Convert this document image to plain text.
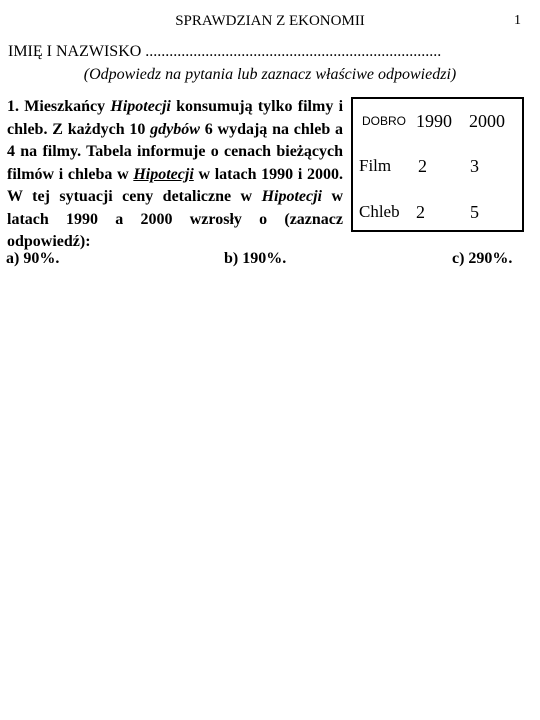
SPRAWDZIAN Z EKONOMII	1
IMIĘ I NAZWISKO ..........................................................................
(Odpowiedz na pytania lub zaznacz właściwe odpowiedzi)
1. Mieszkańcy Hipotecji konsumują tylko filmy i chleb. Z każdych 10 gdybów 6 wydają na chleb a 4 na filmy. Tabela informuje o cenach bieżących filmów i chleba w Hipotecji w latach 1990 i 2000. W tej sytuacji ceny detaliczne w Hipotecji w latach 1990 a 2000 wzrosły o (zaznacz odpowiedź):
DOBRO 1990 2000
Film 2 3
Chleb 2	5
a) 90%.	b) 190%.	c) 290%.
